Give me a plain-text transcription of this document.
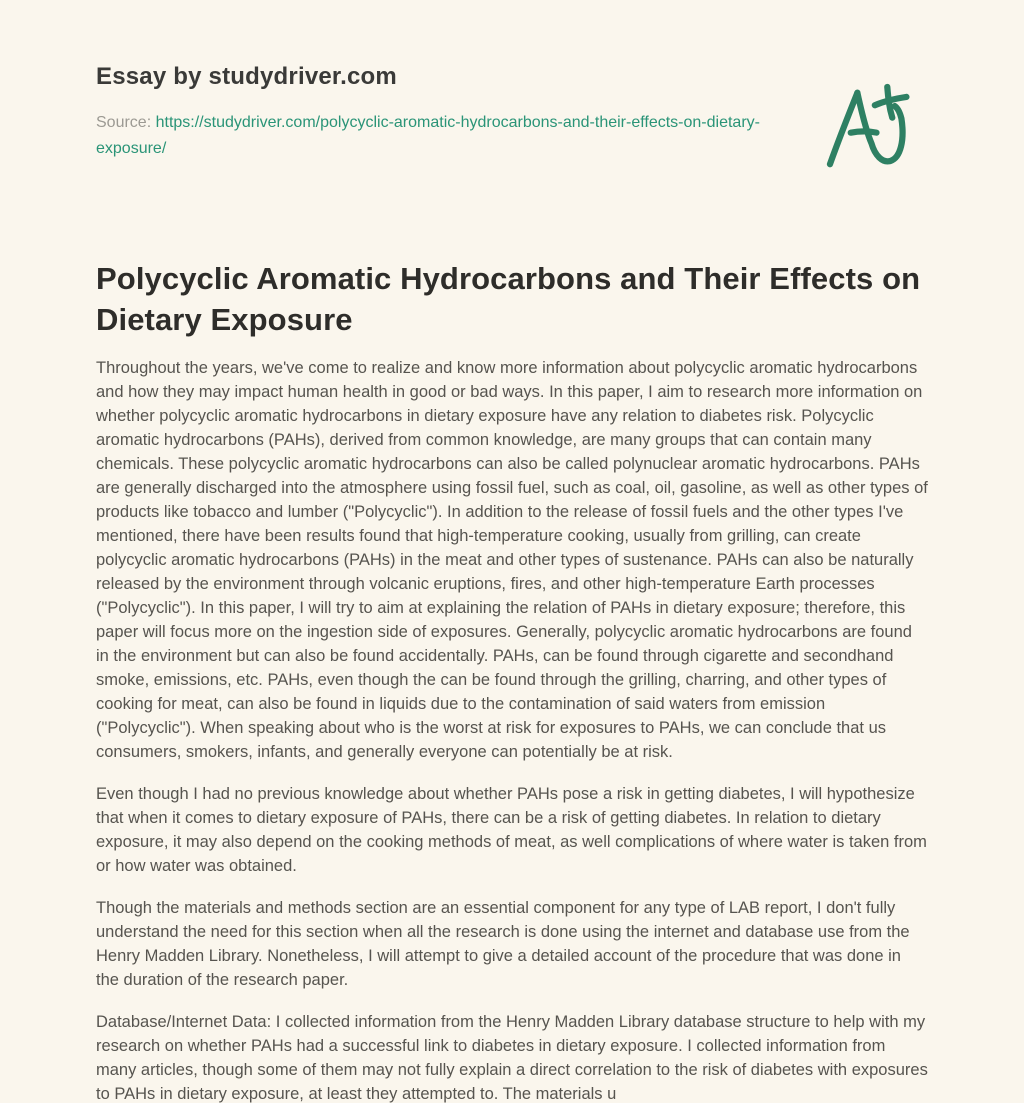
Essay by studydriver.com

Source: https://studydriver.com/polycyclic-aromatic-hydrocarbons-and-their-effects-on-dietary-exposure/

Polycyclic Aromatic Hydrocarbons and Their Effects on Dietary Exposure

Throughout the years, we've come to realize and know more information about polycyclic aromatic hydrocarbons and how they may impact human health in good or bad ways. In this paper, I aim to research more information on whether polycyclic aromatic hydrocarbons in dietary exposure have any relation to diabetes risk. Polycyclic aromatic hydrocarbons (PAHs), derived from common knowledge, are many groups that can contain many chemicals. These polycyclic aromatic hydrocarbons can also be called polynuclear aromatic hydrocarbons. PAHs are generally discharged into the atmosphere using fossil fuel, such as coal, oil, gasoline, as well as other types of products like tobacco and lumber ("Polycyclic"). In addition to the release of fossil fuels and the other types I've mentioned, there have been results found that high-temperature cooking, usually from grilling, can create polycyclic aromatic hydrocarbons (PAHs) in the meat and other types of sustenance. PAHs can also be naturally released by the environment through volcanic eruptions, fires, and other high-temperature Earth processes ("Polycyclic"). In this paper, I will try to aim at explaining the relation of PAHs in dietary exposure; therefore, this paper will focus more on the ingestion side of exposures. Generally, polycyclic aromatic hydrocarbons are found in the environment but can also be found accidentally. PAHs, can be found through cigarette and secondhand smoke, emissions, etc. PAHs, even though the can be found through the grilling, charring, and other types of cooking for meat, can also be found in liquids due to the contamination of said waters from emission ("Polycyclic"). When speaking about who is the worst at risk for exposures to PAHs, we can conclude that us consumers, smokers, infants, and generally everyone can potentially be at risk.

Even though I had no previous knowledge about whether PAHs pose a risk in getting diabetes, I will hypothesize that when it comes to dietary exposure of PAHs, there can be a risk of getting diabetes. In relation to dietary exposure, it may also depend on the cooking methods of meat, as well complications of where water is taken from or how water was obtained.

Though the materials and methods section are an essential component for any type of LAB report, I don't fully understand the need for this section when all the research is done using the internet and database use from the Henry Madden Library. Nonetheless, I will attempt to give a detailed account of the procedure that was done in the duration of the research paper.

Database/Internet Data: I collected information from the Henry Madden Library database structure to help with my research on whether PAHs had a successful link to diabetes in dietary exposure. I collected information from many articles, though some of them may not fully explain a direct correlation to the risk of diabetes with exposures to PAHs in dietary exposure, at least they attempted to. The materials u
